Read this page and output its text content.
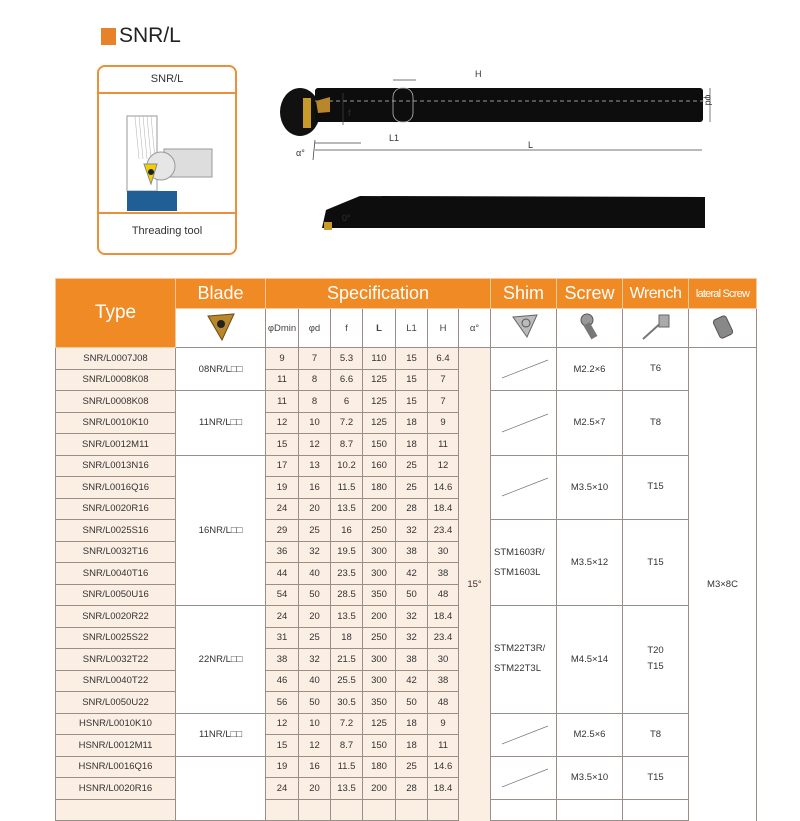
SNR/L
SNR/L
Threading tool
H
f
L1
L
φd
α°
0°
Type	Blade	Specification							Shim	Screw	Wrench	lateral Screw
	φDmin	φd	f	L	L1	H	α°				
SNR/L0007J08	08NR/L□□	9	7	5.3	110	15	6.4	15°		M2.2×6	T6	M3×8C
SNR/L0008K08		11	8	6.6	125	15	7					
SNR/L0008K08	11NR/L□□	11	8	6	125	15	7			M2.5×7	T8	
SNR/L0010K10		12	10	7.2	125	18	9					
SNR/L0012M11		15	12	8.7	150	18	11					
SNR/L0013N16	16NR/L□□	17	13	10.2	160	25	12			M3.5×10	T15	
SNR/L0016Q16		19	16	11.5	180	25	14.6					
SNR/L0020R16		24	20	13.5	200	28	18.4					
SNR/L0025S16		29	25	16	250	32	23.4		STM1603R/ STM1603L	M3.5×12	T15	
SNR/L0032T16		36	32	19.5	300	38	30					
SNR/L0040T16		44	40	23.5	300	42	38					
SNR/L0050U16		54	50	28.5	350	50	48					
SNR/L0020R22	22NR/L□□	24	20	13.5	200	32	18.4		STM22T3R/ STM22T3L	M4.5×14	T20 T15	
SNR/L0025S22		31	25	18	250	32	23.4					
SNR/L0032T22		38	32	21.5	300	38	30					
SNR/L0040T22		46	40	25.5	300	42	38					
SNR/L0050U22		56	50	30.5	350	50	48					
HSNR/L0010K10	11NR/L□□	12	10	7.2	125	18	9			M2.5×6	T8	
HSNR/L0012M11		15	12	8.7	150	18	11					
HSNR/L0016Q16		19	16	11.5	180	25	14.6			M3.5×10	T15	
HSNR/L0020R16		24	20	13.5	200	28	18.4					
